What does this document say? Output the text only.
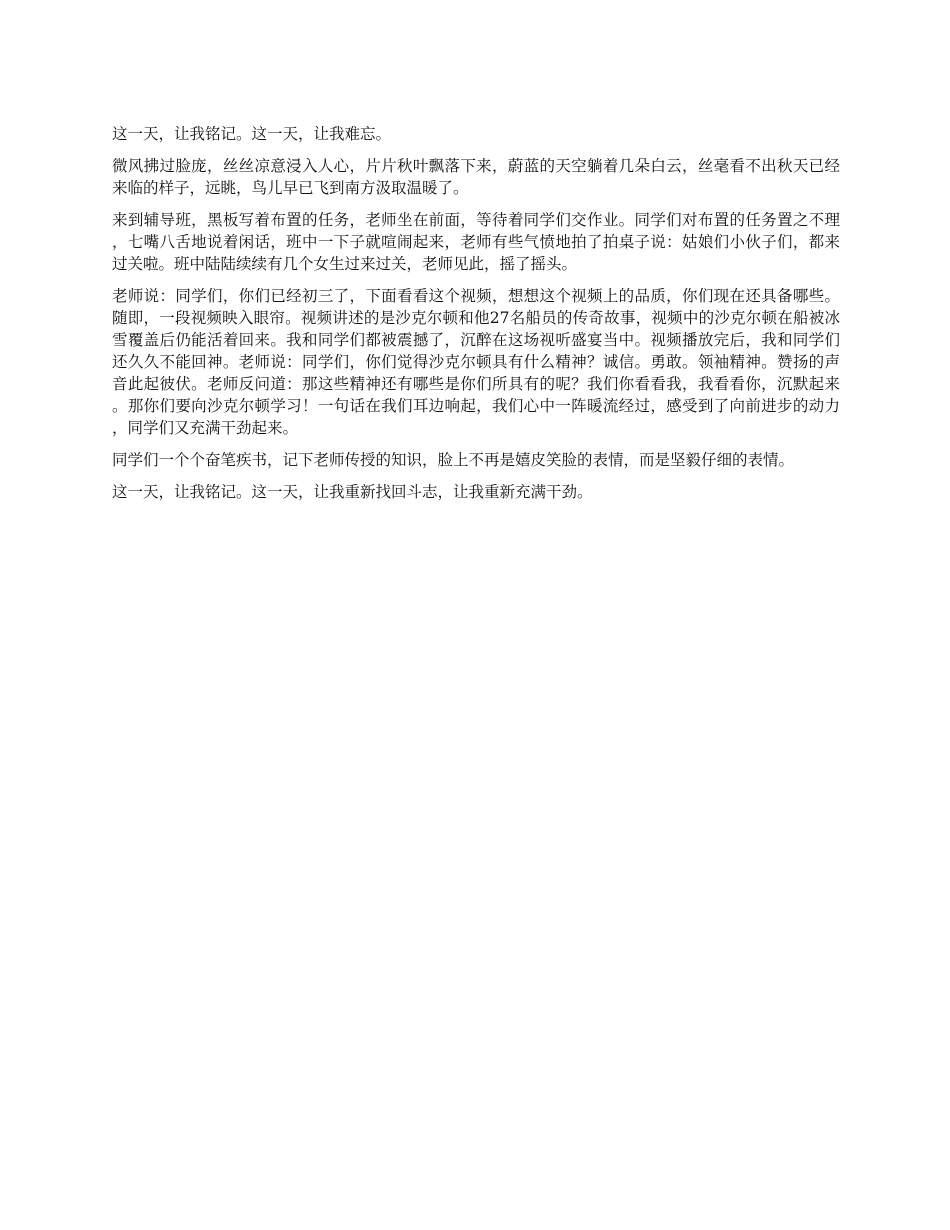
这一天，让我铭记。这一天，让我难忘。

微风拂过脸庞，丝丝凉意浸入人心，片片秋叶飘落下来，蔚蓝的天空躺着几朵白云，丝毫看不出秋天已经来临的样子，远眺，鸟儿早已飞到南方汲取温暖了。

来到辅导班，黑板写着布置的任务，老师坐在前面，等待着同学们交作业。同学们对布置的任务置之不理，七嘴八舌地说着闲话，班中一下子就喧闹起来，老师有些气愤地拍了拍桌子说：姑娘们小伙子们，都来过关啦。班中陆陆续续有几个女生过来过关，老师见此，摇了摇头。

老师说：同学们，你们已经初三了，下面看看这个视频，想想这个视频上的品质，你们现在还具备哪些。随即，一段视频映入眼帘。视频讲述的是沙克尔顿和他27名船员的传奇故事，视频中的沙克尔顿在船被冰雪覆盖后仍能活着回来。我和同学们都被震撼了，沉醉在这场视听盛宴当中。视频播放完后，我和同学们还久久不能回神。老师说：同学们，你们觉得沙克尔顿具有什么精神？诚信。勇敢。领袖精神。赞扬的声音此起彼伏。老师反问道：那这些精神还有哪些是你们所具有的呢？我们你看看我，我看看你，沉默起来。那你们要向沙克尔顿学习！一句话在我们耳边响起，我们心中一阵暖流经过，感受到了向前进步的动力，同学们又充满干劲起来。

同学们一个个奋笔疾书，记下老师传授的知识，脸上不再是嬉皮笑脸的表情，而是坚毅仔细的表情。

这一天，让我铭记。这一天，让我重新找回斗志，让我重新充满干劲。
